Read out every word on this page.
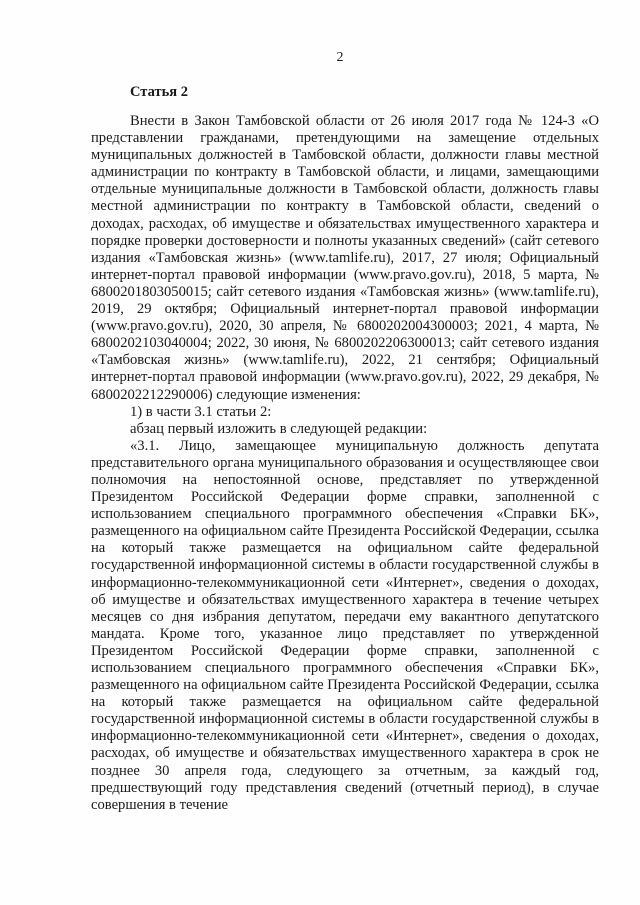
2
Статья 2

Внести в Закон Тамбовской области от 26 июля 2017 года № 124-З «О представлении гражданами, претендующими на замещение отдельных муниципальных должностей в Тамбовской области, должности главы местной администрации по контракту в Тамбовской области, и лицами, замещающими отдельные муниципальные должности в Тамбовской области, должность главы местной администрации по контракту в Тамбовской области, сведений о доходах, расходах, об имуществе и обязательствах имущественного характера и порядке проверки достоверности и полноты указанных сведений» (сайт сетевого издания «Тамбовская жизнь» (www.tamlife.ru), 2017, 27 июля; Официальный интернет-портал правовой информации (www.pravo.gov.ru), 2018, 5 марта, № 6800201803050015; сайт сетевого издания «Тамбовская жизнь» (www.tamlife.ru), 2019, 29 октября; Официальный интернет-портал правовой информации (www.pravo.gov.ru), 2020, 30 апреля, № 6800202004300003; 2021, 4 марта, № 6800202103040004; 2022, 30 июня, № 6800202206300013; сайт сетевого издания «Тамбовская жизнь» (www.tamlife.ru), 2022, 21 сентября; Официальный интернет-портал правовой информации (www.pravo.gov.ru), 2022, 29 декабря, № 6800202212290006) следующие изменения:

1) в части 3.1 статьи 2:

абзац первый изложить в следующей редакции:

«3.1. Лицо, замещающее муниципальную должность депутата представительного органа муниципального образования и осуществляющее свои полномочия на непостоянной основе, представляет по утвержденной Президентом Российской Федерации форме справки, заполненной с использованием специального программного обеспечения «Справки БК», размещенного на официальном сайте Президента Российской Федерации, ссылка на который также размещается на официальном сайте федеральной государственной информационной системы в области государственной службы в информационно-телекоммуникационной сети «Интернет», сведения о доходах, об имуществе и обязательствах имущественного характера в течение четырех месяцев со дня избрания депутатом, передачи ему вакантного депутатского мандата. Кроме того, указанное лицо представляет по утвержденной Президентом Российской Федерации форме справки, заполненной с использованием специального программного обеспечения «Справки БК», размещенного на официальном сайте Президента Российской Федерации, ссылка на который также размещается на официальном сайте федеральной государственной информационной системы в области государственной службы в информационно-телекоммуникационной сети «Интернет», сведения о доходах, расходах, об имуществе и обязательствах имущественного характера в срок не позднее 30 апреля года, следующего за отчетным, за каждый год, предшествующий году представления сведений (отчетный период), в случае совершения в течение
